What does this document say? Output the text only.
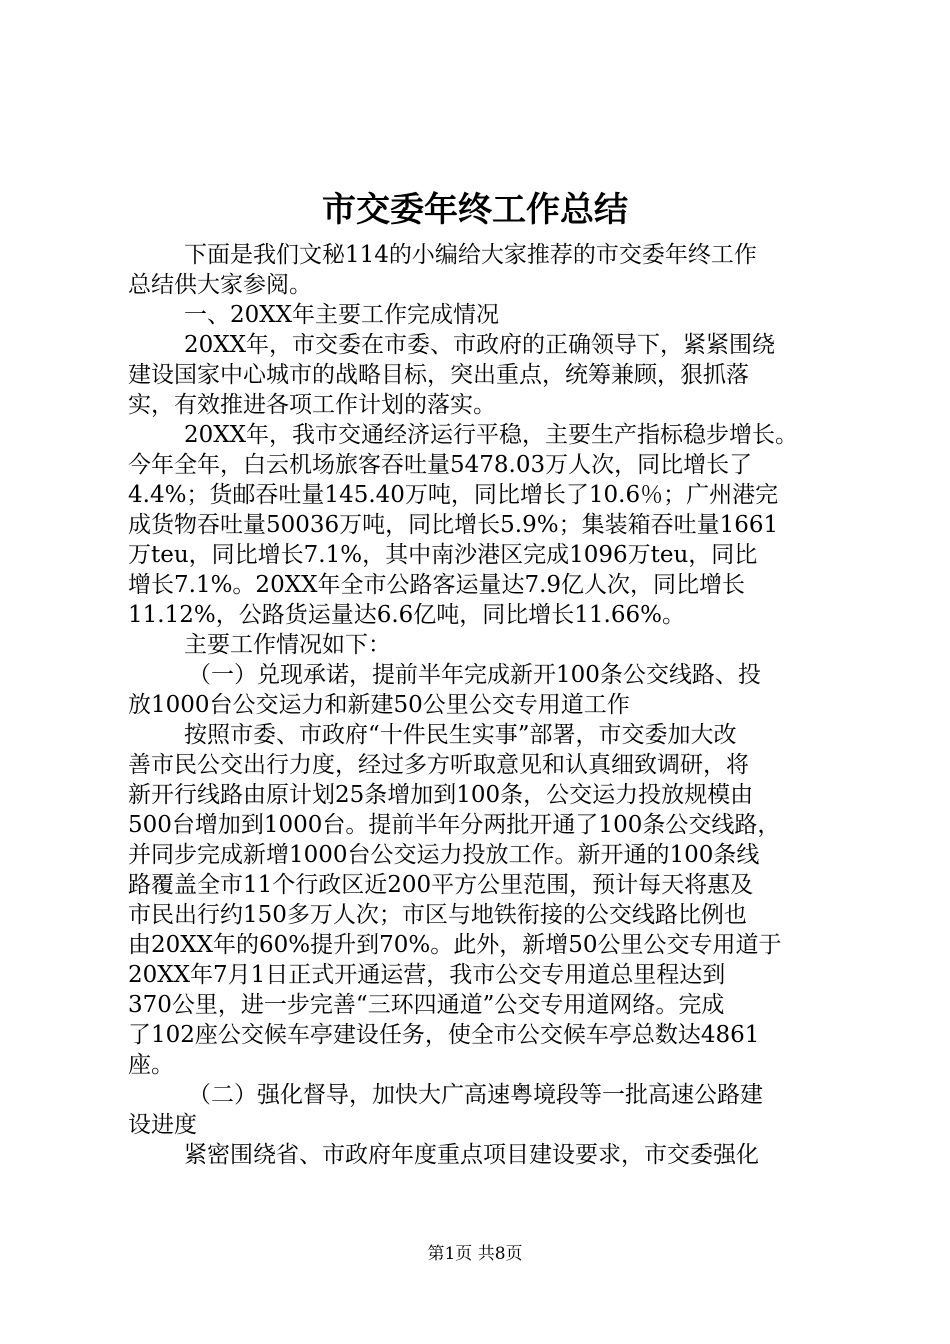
市交委年终工作总结
下面是我们文秘114的小编给大家推荐的市交委年终工作
总结供大家参阅。
一、20XX年主要工作完成情况
20XX年，市交委在市委、市政府的正确领导下，紧紧围绕
建设国家中心城市的战略目标，突出重点，统筹兼顾，狠抓落
实，有效推进各项工作计划的落实。
20XX年，我市交通经济运行平稳，主要生产指标稳步增长。
今年全年，白云机场旅客吞吐量5478.03万人次，同比增长了
4.4%；货邮吞吐量145.40万吨，同比增长了10.6％；广州港完
成货物吞吐量50036万吨，同比增长5.9%；集装箱吞吐量1661
万teu，同比增长7.1%，其中南沙港区完成1096万teu，同比
增长7.1%。20XX年全市公路客运量达7.9亿人次，同比增长
11.12%，公路货运量达6.6亿吨，同比增长11.66%。
主要工作情况如下：
（一）兑现承诺，提前半年完成新开100条公交线路、投
放1000台公交运力和新建50公里公交专用道工作
按照市委、市政府“十件民生实事”部署，市交委加大改
善市民公交出行力度，经过多方听取意见和认真细致调研，将
新开行线路由原计划25条增加到100条，公交运力投放规模由
500台增加到1000台。提前半年分两批开通了100条公交线路，
并同步完成新增1000台公交运力投放工作。新开通的100条线
路覆盖全市11个行政区近200平方公里范围，预计每天将惠及
市民出行约150多万人次；市区与地铁衔接的公交线路比例也
由20XX年的60%提升到70%。此外，新增50公里公交专用道于
20XX年7月1日正式开通运营，我市公交专用道总里程达到
370公里，进一步完善“三环四通道”公交专用道网络。完成
了102座公交候车亭建设任务，使全市公交候车亭总数达4861
座。
（二）强化督导，加快大广高速粤境段等一批高速公路建
设进度
紧密围绕省、市政府年度重点项目建设要求，市交委强化
第1页 共8页
